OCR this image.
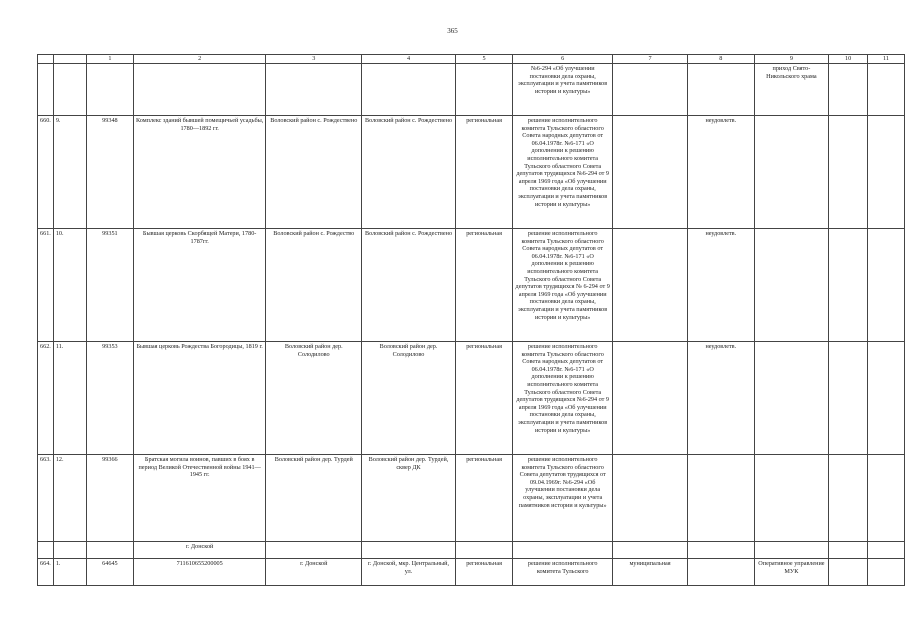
365
		1	2	3	4	5	6	7	8	9	10	11
							№6-294 «Об улучшении постановки дела охраны, эксплуатации и учета памятников истории и культуры»			приход Свято-Никольского храма		
660.	9.	99348	Комплекс зданий бывшей помещичьей усадьбы, 1780—1892 гг.	Воловский район с. Рождествено	Воловский район с. Рождествено	региональная	решение исполнительного комитета Тульского областного Совета народных депутатов от 06.04.1978г. №6-171 «О дополнении к решению исполнительного комитета Тульского областного Совета депутатов трудящихся №6-294 от 9 апреля 1969 года «Об улучшении постановки дела охраны, эксплуатации и учета памятников истории и культуры»		неудовлетв.			
661.	10.	99351	Бывшая церковь Скорбящей Матери, 1780-1787гг.	Воловский район с. Рождество	Воловский район с. Рождествено	региональная	решение исполнительного комитета Тульского областного Совета народных депутатов от 06.04.1978г. №6-171 «О дополнении к решению исполнительного комитета Тульского областного Совета депутатов трудящихся № 6-294 от 9 апреля 1969 года «Об улучшении постановки дела охраны, эксплуатации и учета памятников истории и культуры»		неудовлетв.			
662.	11.	99353	Бывшая церковь Рождества Богородицы, 1819 г.	Воловский район дер. Солодилово	Воловский район дер. Солодилово	региональная	решение исполнительного комитета Тульского областного Совета народных депутатов от 06.04.1978г. №6-171 «О дополнении к решению исполнительного комитета Тульского областного Совета депутатов трудящихся №6-294 от 9 апреля 1969 года «Об улучшении постановки дела охраны, эксплуатации и учета памятников истории и культуры»		неудовлетв.			
663.	12.	99366	Братская могила воинов, павших в боях в период Великой Отечественной войны 1941—1945 гг.	Воловский район дер. Турдей	Воловский район дер. Турдей, сквер ДК	региональная	решение исполнительного комитета Тульского областного Совета депутатов трудящихся от 09.04.1969г. №6-294 «Об улучшении постановки дела охраны, эксплуатации и учета памятников истории и культуры»					
			г. Донской									
664.	1.	64645	711610655200005	г. Донской	г. Донской, мкр. Центральный, ул.	региональная	решение исполнительного комитета Тульского	муниципальная		Оперативное управление МУК		
